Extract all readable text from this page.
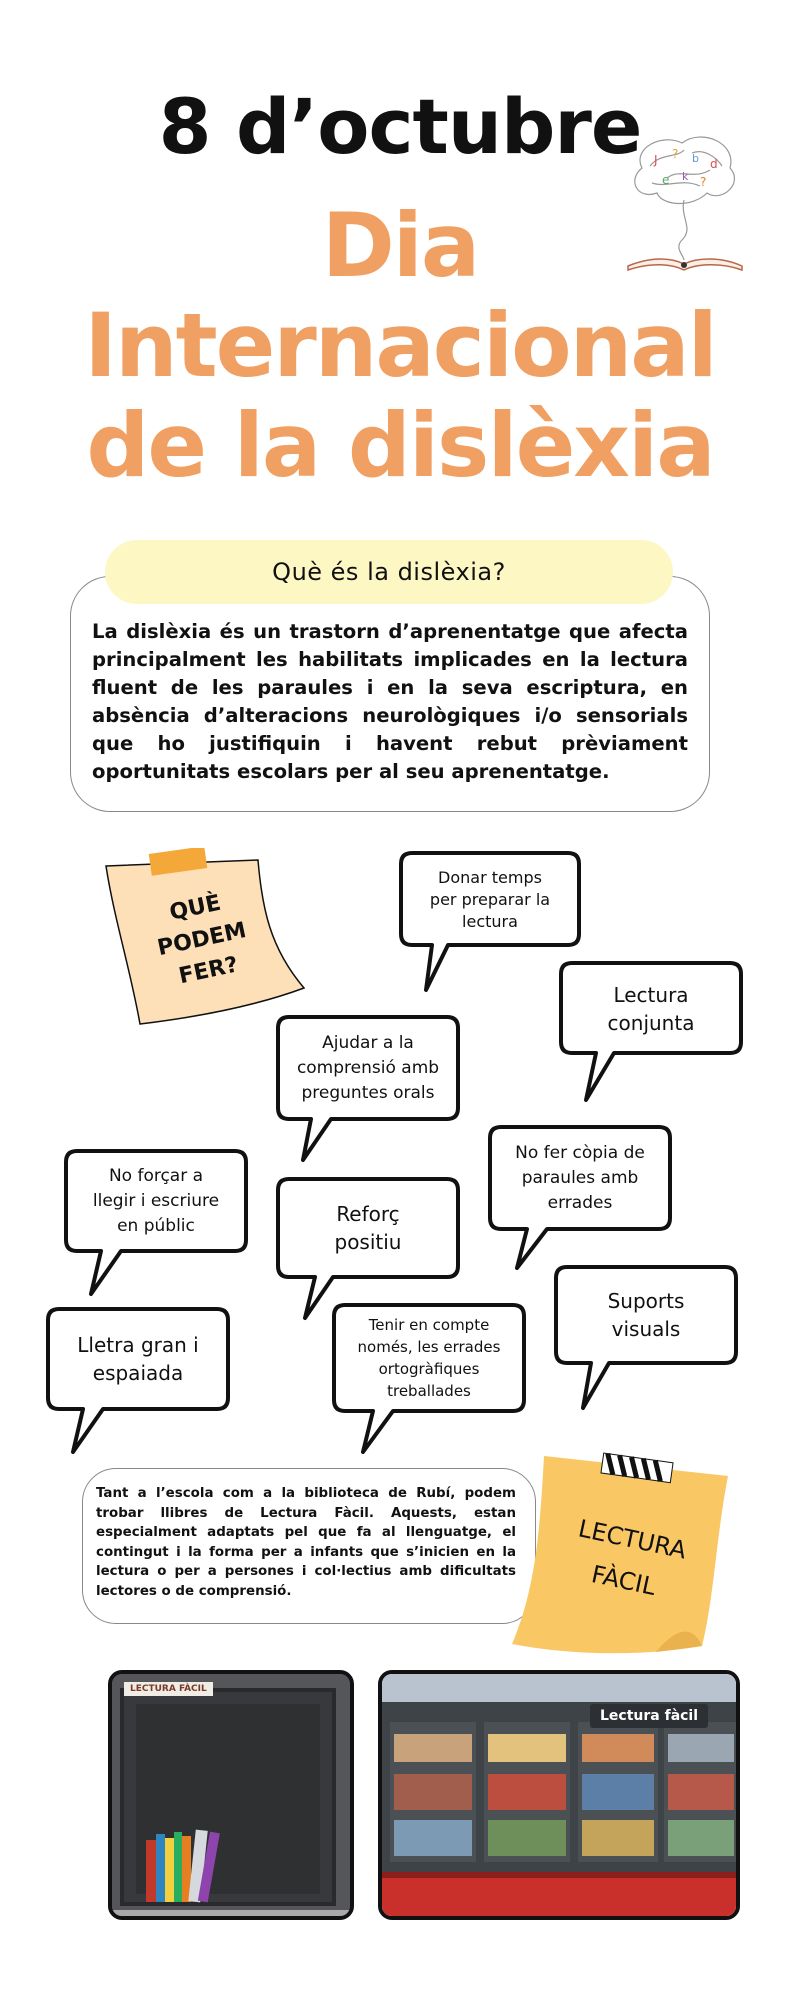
8 d’octubre
Dia
Internacional
de la dislèxia
J ? b d
e k ?
Què és la dislèxia?
La dislèxia és un trastorn d’aprenentatge que afecta principalment les habilitats implicades en la lectura fluent de les paraules i en la seva escriptura, en absència d’alteracions neurològiques i/o sensorials que ho justifiquin i havent rebut prèviament oportunitats escolars per al seu aprenentatge.
QUÈ
PODEM
FER?
Donar temps
per preparar la
lectura
Lectura
conjunta
Ajudar a la
comprensió amb
preguntes orals
No fer còpia de
paraules amb
errades
No forçar a
llegir i escriure
en públic	Reforç
positiu
Suports
visuals
Lletra gran i
espaiada
Tenir en compte
només, les errades
ortogràfiques
treballades
Tant a l’escola com a la biblioteca de Rubí, podem trobar llibres de Lectura Fàcil. Aquests, estan especialment adaptats pel que fa al llenguatge, el contingut i la forma per a infants que s’inicien en la lectura o per a persones i col·lectius amb dificultats lectores o de comprensió.
LECTURA
FÀCIL
LECTURA FÀCIL
Lectura fàcil
